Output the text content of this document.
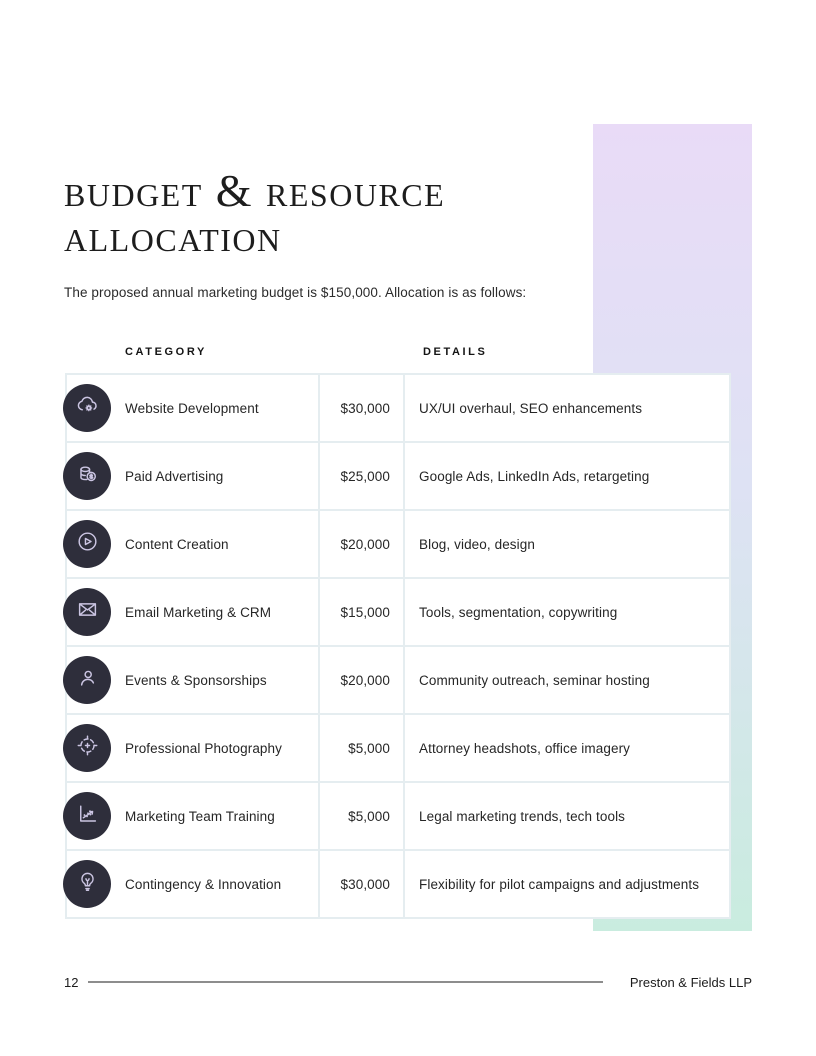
budget & resource
allocation

The proposed annual marketing budget is $150,000. Allocation is as follows:

CATEGORY	DETAILS
Website Development	$30,000	UX/UI overhaul, SEO enhancements
Paid Advertising	$25,000	Google Ads, LinkedIn Ads, retargeting
Content Creation	$20,000	Blog, video, design
Email Marketing & CRM	$15,000	Tools, segmentation, copywriting
Events & Sponsorships	$20,000	Community outreach, seminar hosting
Professional Photography	$5,000	Attorney headshots, office imagery
Marketing Team Training	$5,000	Legal marketing trends, tech tools
Contingency & Innovation	$30,000	Flexibility for pilot campaigns and adjustments
12	Preston & Fields LLP
